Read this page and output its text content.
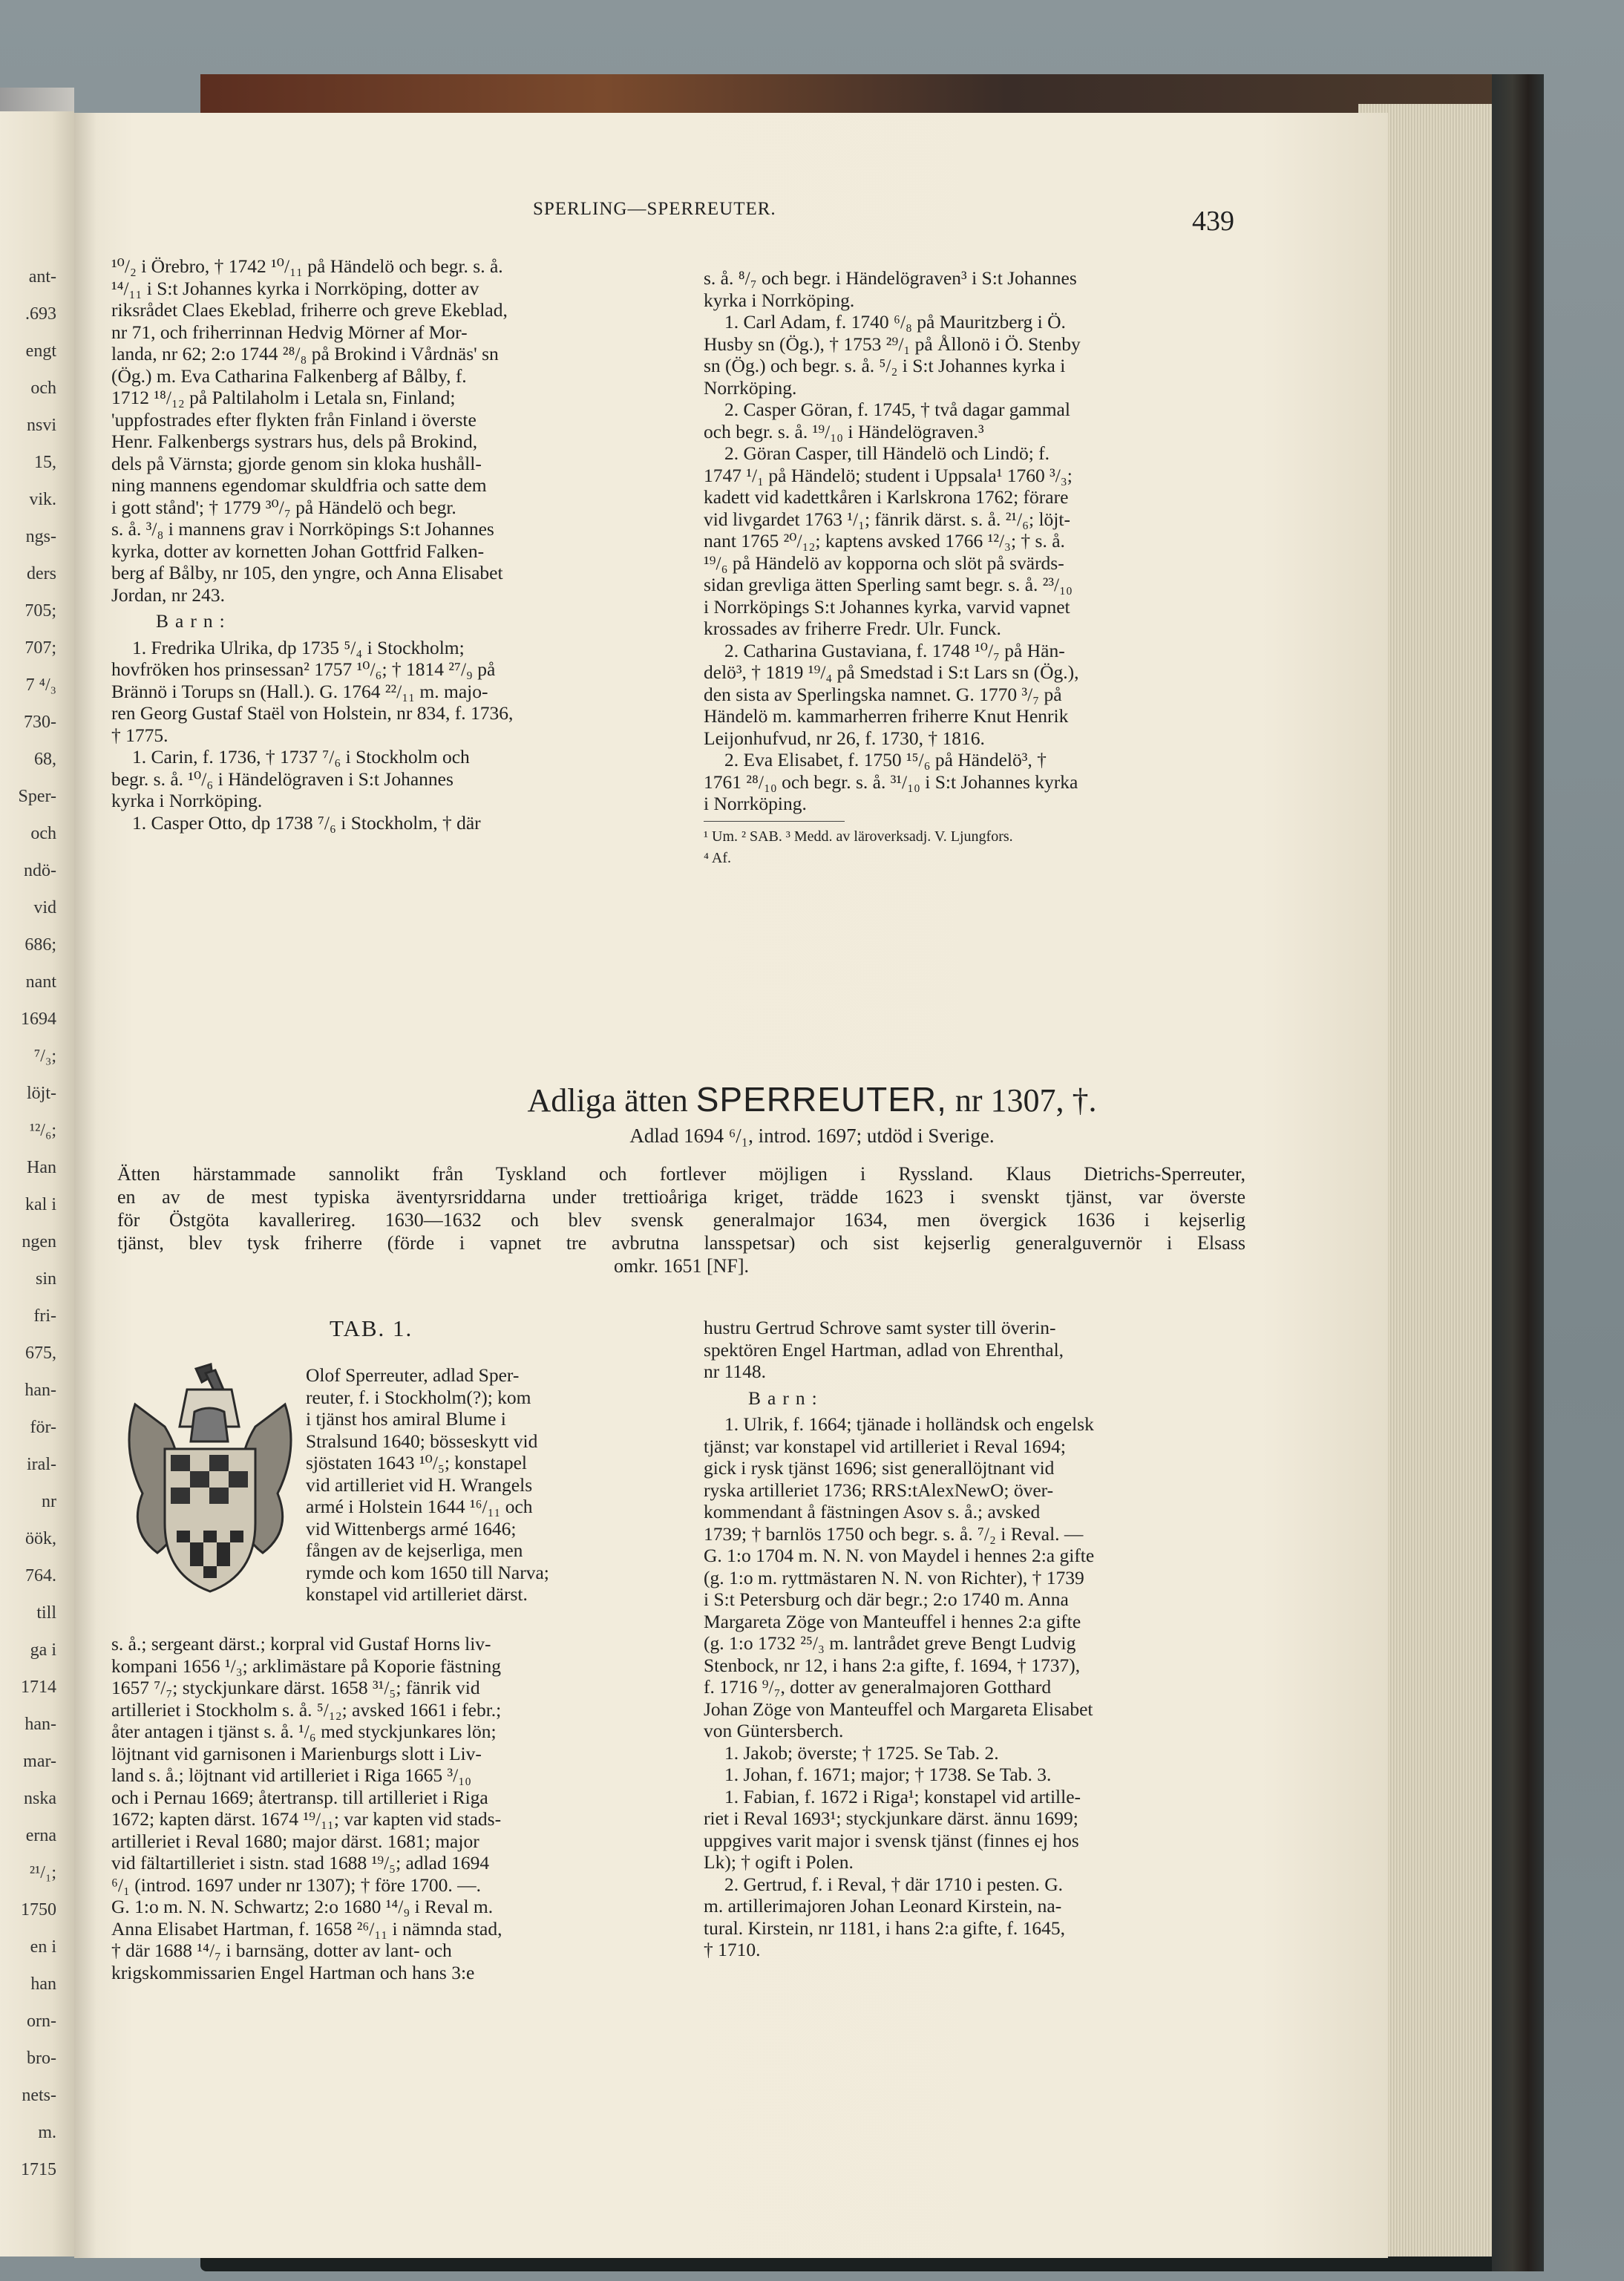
ant-
.693
engt
och
nsvi
15,
vik.
ngs-
ders
705;
707;
7 ⁴/₃
730-
68,
Sper-
och
ndö-
vid
686;
nant
1694
⁷/₃;
löjt-
¹²/₆;
Han
kal i
ngen
sin
fri-
675,
han-
för-
iral-
nr
öök,
764.
till
ga i
1714
han-
mar-
nska
erna
²¹/₁;
1750
en i
han
orn-
bro-
nets-
m.
1715
SPERLING—SPERREUTER.	439
¹⁰/₂ i Örebro, † 1742 ¹⁰/₁₁ på Händelö och begr. s. å.
¹⁴/₁₁ i S:t Johannes kyrka i Norrköping, dotter av
riksrådet Claes Ekeblad, friherre och greve Ekeblad,
nr 71, och friherrinnan Hedvig Mörner af Mor-
landa, nr 62; 2:o 1744 ²⁸/₈ på Brokind i Vårdnäs' sn
(Ög.) m. Eva Catharina Falkenberg af Bålby, f.
1712 ¹⁸/₁₂ på Paltilaholm i Letala sn, Finland;
'uppfostrades efter flykten från Finland i överste
Henr. Falkenbergs systrars hus, dels på Brokind,
dels på Värnsta; gjorde genom sin kloka hushåll-
ning mannens egendomar skuldfria och satte dem
i gott stånd'; † 1779 ³⁰/₇ på Händelö och begr.
s. å. ³/₈ i mannens grav i Norrköpings S:t Johannes
kyrka, dotter av kornetten Johan Gottfrid Falken-
berg af Bålby, nr 105, den yngre, och Anna Elisabet
Jordan, nr 243.
Barn:
1. Fredrika Ulrika, dp 1735 ⁵/₄ i Stockholm;
hovfröken hos prinsessan² 1757 ¹⁰/₆; † 1814 ²⁷/₉ på
Brännö i Torups sn (Hall.). G. 1764 ²²/₁₁ m. majo-
ren Georg Gustaf Staël von Holstein, nr 834, f. 1736,
† 1775.
1. Carin, f. 1736, † 1737 ⁷/₆ i Stockholm och
begr. s. å. ¹⁰/₆ i Händelögraven i S:t Johannes
kyrka i Norrköping.
1. Casper Otto, dp 1738 ⁷/₆ i Stockholm, † där
s. å. ⁸/₇ och begr. i Händelögraven³ i S:t Johannes
kyrka i Norrköping.
1. Carl Adam, f. 1740 ⁶/₈ på Mauritzberg i Ö.
Husby sn (Ög.), † 1753 ²⁹/₁ på Ållonö i Ö. Stenby
sn (Ög.) och begr. s. å. ⁵/₂ i S:t Johannes kyrka i
Norrköping.
2. Casper Göran, f. 1745, † två dagar gammal
och begr. s. å. ¹⁹/₁₀ i Händelögraven.³
2. Göran Casper, till Händelö och Lindö; f.
1747 ¹/₁ på Händelö; student i Uppsala¹ 1760 ³/₃;
kadett vid kadettkåren i Karlskrona 1762; förare
vid livgardet 1763 ¹/₁; fänrik därst. s. å. ²¹/₆; löjt-
nant 1765 ²⁰/₁₂; kaptens avsked 1766 ¹²/₃; † s. å.
¹⁹/₆ på Händelö av kopporna och slöt på svärds-
sidan grevliga ätten Sperling samt begr. s. å. ²³/₁₀
i Norrköpings S:t Johannes kyrka, varvid vapnet
krossades av friherre Fredr. Ulr. Funck.
2. Catharina Gustaviana, f. 1748 ¹⁰/₇ på Hän-
delö³, † 1819 ¹⁹/₄ på Smedstad i S:t Lars sn (Ög.),
den sista av Sperlingska namnet. G. 1770 ³/₇ på
Händelö m. kammarherren friherre Knut Henrik
Leijonhufvud, nr 26, f. 1730, † 1816.
2. Eva Elisabet, f. 1750 ¹⁵/₆ på Händelö³, †
1761 ²⁸/₁₀ och begr. s. å. ³¹/₁₀ i S:t Johannes kyrka
i Norrköping.
¹ Um. ² SAB. ³ Medd. av läroverksadj. V. Ljungfors.
⁴ Af.
Adliga ätten SPERREUTER, nr 1307, †.
Adlad 1694 ⁶/₁, introd. 1697; utdöd i Sverige.
Ätten härstammade sannolikt från Tyskland och fortlever möjligen i Ryssland. Klaus Dietrichs-Sperreuter,
en av de mest typiska äventyrsriddarna under trettioåriga kriget, trädde 1623 i svenskt tjänst, var överste
för Östgöta kavallerireg. 1630—1632 och blev svensk generalmajor 1634, men övergick 1636 i kejserlig
tjänst, blev tysk friherre (förde i vapnet tre avbrutna lansspetsar) och sist kejserlig generalguvernör i Elsass
omkr. 1651 [NF].
TAB. 1.
Olof Sperreuter, adlad Sper-
reuter, f. i Stockholm(?); kom
i tjänst hos amiral Blume i
Stralsund 1640; bösseskytt vid
sjöstaten 1643 ¹⁰/₅; konstapel
vid artilleriet vid H. Wrangels
armé i Holstein 1644 ¹⁶/₁₁ och
vid Wittenbergs armé 1646;
fången av de kejserliga, men
rymde och kom 1650 till Narva;
konstapel vid artilleriet därst.
s. å.; sergeant därst.; korpral vid Gustaf Horns liv-
kompani 1656 ¹/₃; arklimästare på Koporie fästning
1657 ⁷/₇; styckjunkare därst. 1658 ³¹/₅; fänrik vid
artilleriet i Stockholm s. å. ⁵/₁₂; avsked 1661 i febr.;
åter antagen i tjänst s. å. ¹/₆ med styckjunkares lön;
löjtnant vid garnisonen i Marienburgs slott i Liv-
land s. å.; löjtnant vid artilleriet i Riga 1665 ³/₁₀
och i Pernau 1669; återtransp. till artilleriet i Riga
1672; kapten därst. 1674 ¹⁹/₁₁; var kapten vid stads-
artilleriet i Reval 1680; major därst. 1681; major
vid fältartilleriet i sistn. stad 1688 ¹⁹/₅; adlad 1694
⁶/₁ (introd. 1697 under nr 1307); † före 1700. —.
G. 1:o m. N. N. Schwartz; 2:o 1680 ¹⁴/₉ i Reval m.
Anna Elisabet Hartman, f. 1658 ²⁶/₁₁ i nämnda stad,
† där 1688 ¹⁴/₇ i barnsäng, dotter av lant- och
krigskommissarien Engel Hartman och hans 3:e
hustru Gertrud Schrove samt syster till överin-
spektören Engel Hartman, adlad von Ehrenthal,
nr 1148.
Barn:
1. Ulrik, f. 1664; tjänade i holländsk och engelsk
tjänst; var konstapel vid artilleriet i Reval 1694;
gick i rysk tjänst 1696; sist generallöjtnant vid
ryska artilleriet 1736; RRS:tAlexNewO; över-
kommendant å fästningen Asov s. å.; avsked
1739; † barnlös 1750 och begr. s. å. ⁷/₂ i Reval. —
G. 1:o 1704 m. N. N. von Maydel i hennes 2:a gifte
(g. 1:o m. ryttmästaren N. N. von Richter), † 1739
i S:t Petersburg och där begr.; 2:o 1740 m. Anna
Margareta Zöge von Manteuffel i hennes 2:a gifte
(g. 1:o 1732 ²⁵/₃ m. lantrådet greve Bengt Ludvig
Stenbock, nr 12, i hans 2:a gifte, f. 1694, † 1737),
f. 1716 ⁹/₇, dotter av generalmajoren Gotthard
Johan Zöge von Manteuffel och Margareta Elisabet
von Güntersberch.
1. Jakob; överste; † 1725. Se Tab. 2.
1. Johan, f. 1671; major; † 1738. Se Tab. 3.
1. Fabian, f. 1672 i Riga¹; konstapel vid artille-
riet i Reval 1693¹; styckjunkare därst. ännu 1699;
uppgives varit major i svensk tjänst (finnes ej hos
Lk); † ogift i Polen.
2. Gertrud, f. i Reval, † där 1710 i pesten. G.
m. artillerimajoren Johan Leonard Kirstein, na-
tural. Kirstein, nr 1181, i hans 2:a gifte, f. 1645,
† 1710.
